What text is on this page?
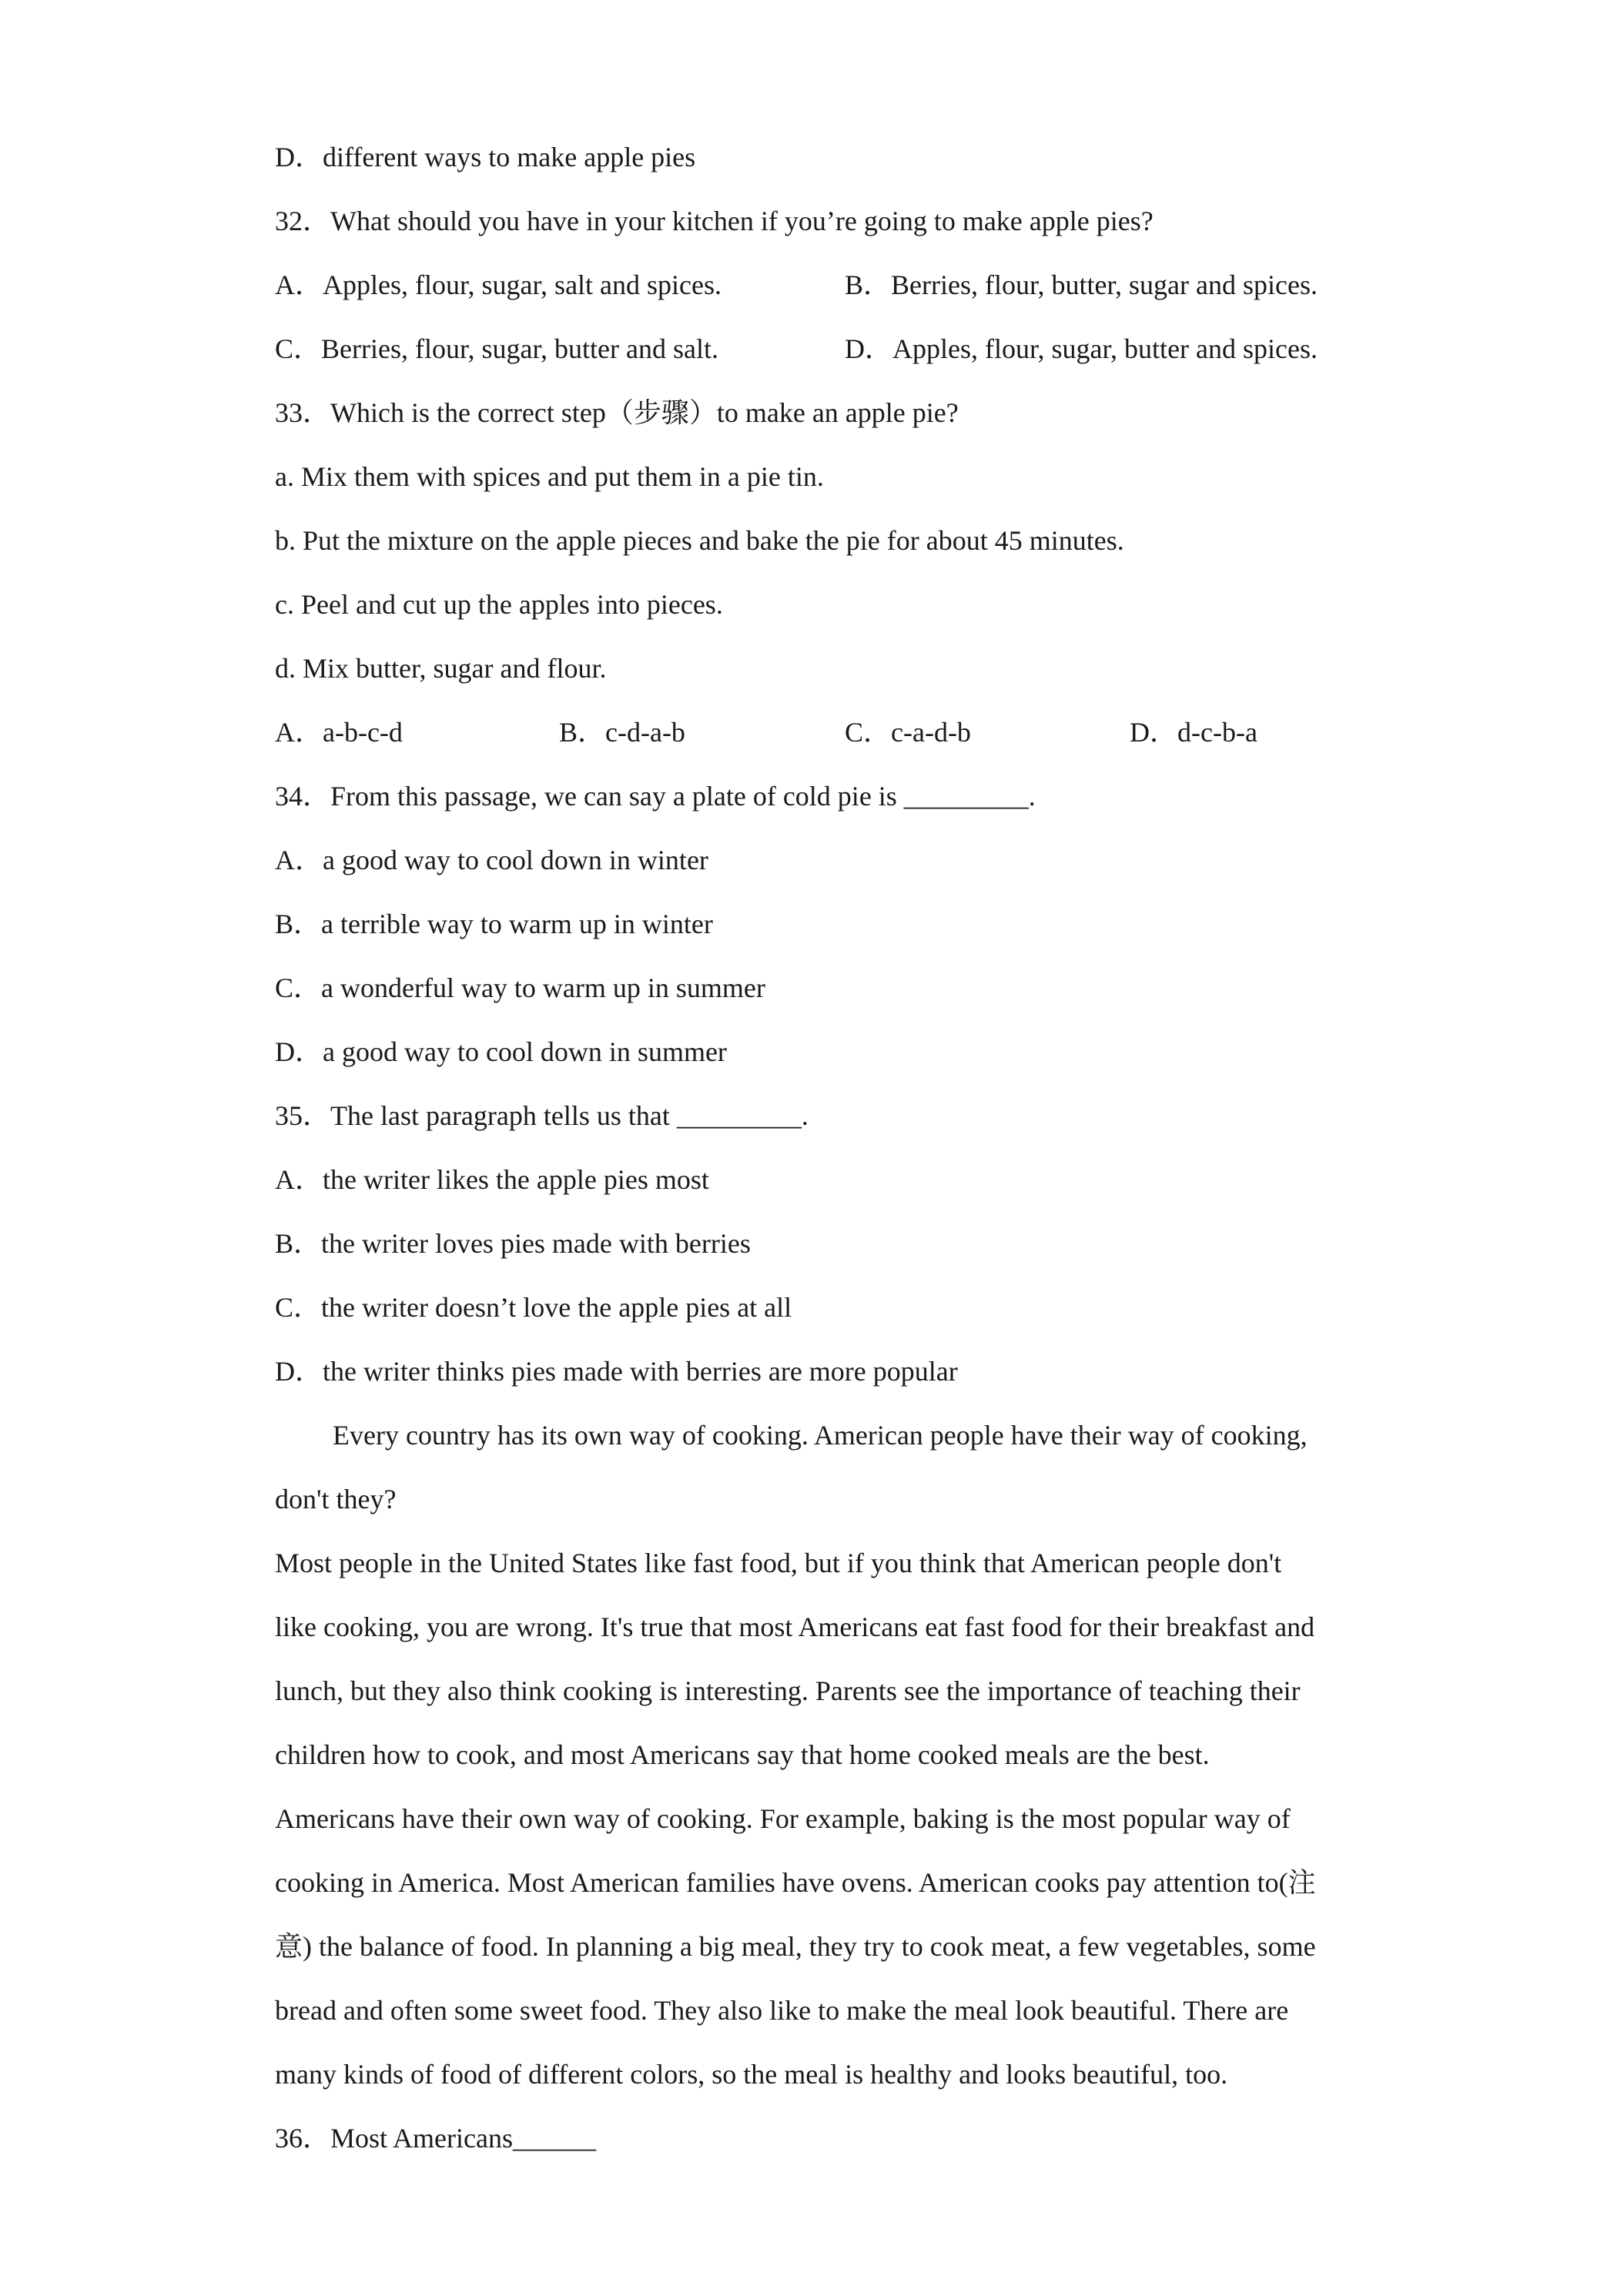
D．different ways to make apple pies

32．What should you have in your kitchen if you’re going to make apple pies?

A．Apples, flour, sugar, salt and spices.	B．Berries, flour, butter, sugar and spices.
C．Berries, flour, sugar, butter and salt.	D．Apples, flour, sugar, butter and spices.

33．Which is the correct step（步骤）to make an apple pie?

a. Mix them with spices and put them in a pie tin.

b. Put the mixture on the apple pieces and bake the pie for about 45 minutes.

c. Peel and cut up the apples into pieces.

d. Mix butter, sugar and flour.

A．a-b-c-d	B．c-d-a-b	C．c-a-d-b	D．d-c-b-a

34．From this passage, we can say a plate of cold pie is _________.

A．a good way to cool down in winter

B．a terrible way to warm up in winter

C．a wonderful way to warm up in summer

D．a good way to cool down in summer

35．The last paragraph tells us that _________.

A．the writer likes the apple pies most

B．the writer loves pies made with berries

C．the writer doesn’t love the apple pies at all

D．the writer thinks pies made with berries are more popular

Every country has its own way of cooking. American people have their way of cooking,

don't they?

Most people in the United States like fast food, but if you think that American people don't

like cooking, you are wrong. It's true that most Americans eat fast food for their breakfast and

lunch, but they also think cooking is interesting. Parents see the importance of teaching their

children how to cook, and most Americans say that home cooked meals are the best.

Americans have their own way of cooking. For example, baking is the most popular way of

cooking in America. Most American families have ovens. American cooks pay attention to(注

意) the balance of food. In planning a big meal, they try to cook meat, a few vegetables, some

bread and often some sweet food. They also like to make the meal look beautiful. There are

many kinds of food of different colors, so the meal is healthy and looks beautiful, too.

36．Most Americans______
